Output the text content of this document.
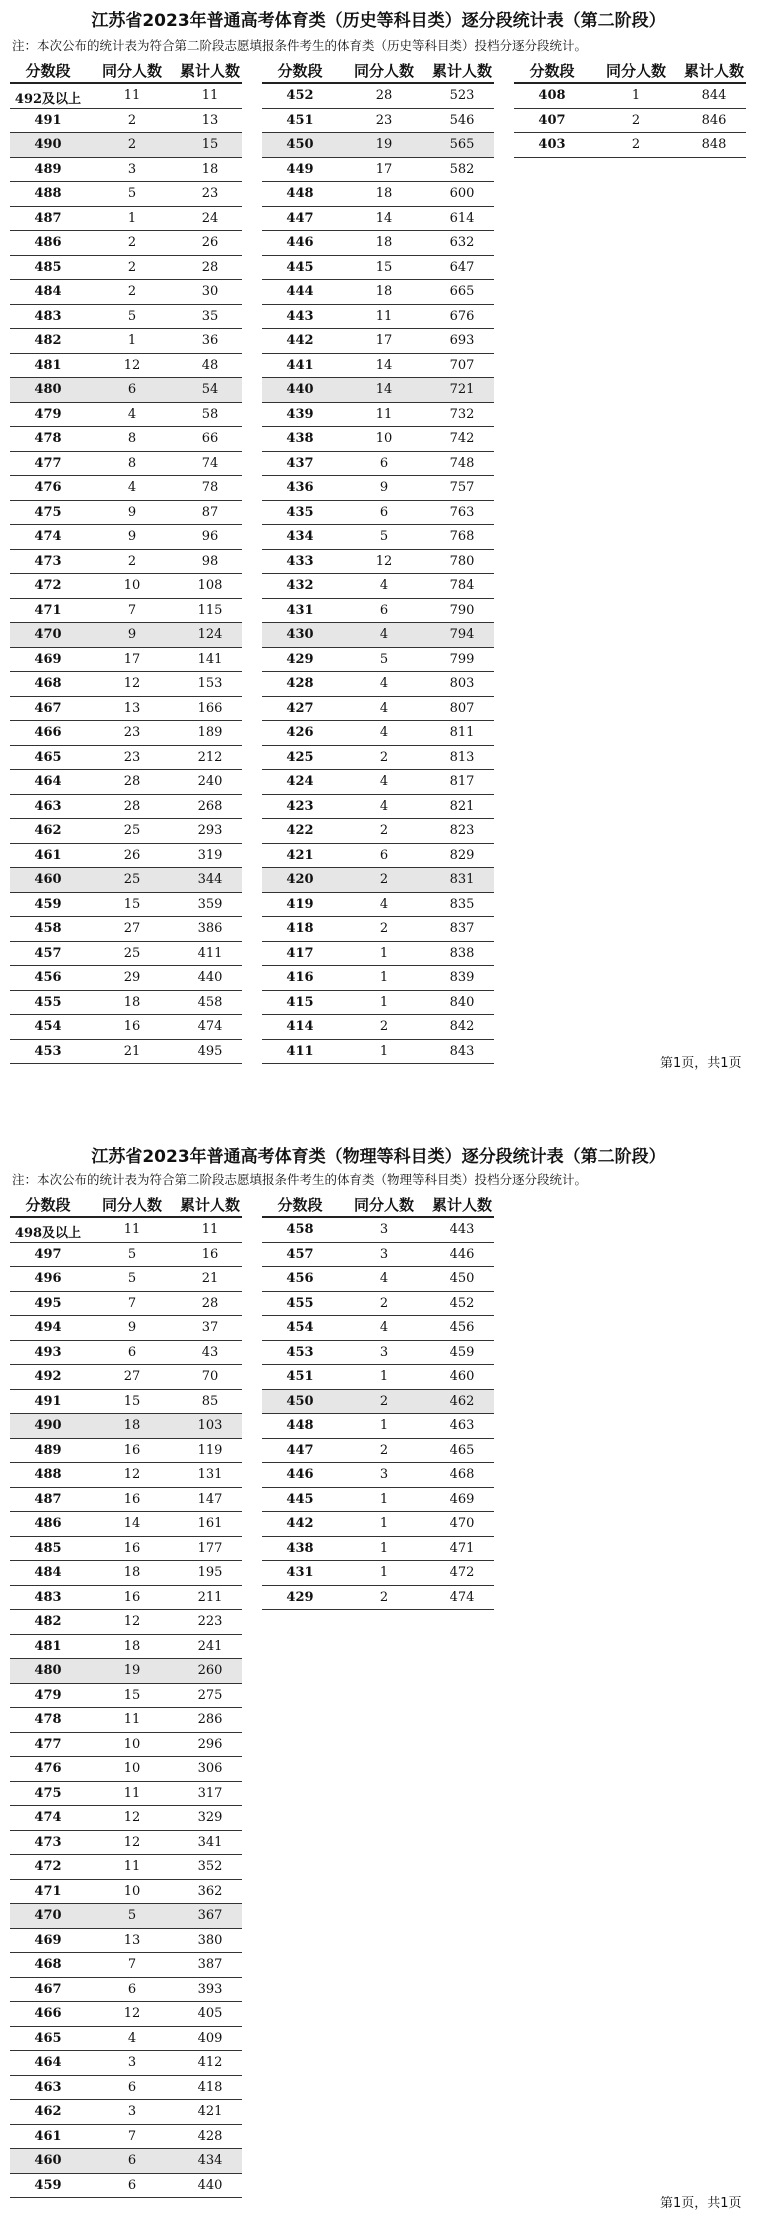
江苏省2023年普通高考体育类（历史等科目类）逐分段统计表（第二阶段）
注：本次公布的统计表为符合第二阶段志愿填报条件考生的体育类（历史等科目类）投档分逐分段统计。
分数段	同分人数	累计人数
492及以上	11	11
491	2	13
490	2	15
489	3	18
488	5	23
487	1	24
486	2	26
485	2	28
484	2	30
483	5	35
482	1	36
481	12	48
480	6	54
479	4	58
478	8	66
477	8	74
476	4	78
475	9	87
474	9	96
473	2	98
472	10	108
471	7	115
470	9	124
469	17	141
468	12	153
467	13	166
466	23	189
465	23	212
464	28	240
463	28	268
462	25	293
461	26	319
460	25	344
459	15	359
458	27	386
457	25	411
456	29	440
455	18	458
454	16	474
453	21	495
分数段	同分人数	累计人数
452	28	523
451	23	546
450	19	565
449	17	582
448	18	600
447	14	614
446	18	632
445	15	647
444	18	665
443	11	676
442	17	693
441	14	707
440	14	721
439	11	732
438	10	742
437	6	748
436	9	757
435	6	763
434	5	768
433	12	780
432	4	784
431	6	790
430	4	794
429	5	799
428	4	803
427	4	807
426	4	811
425	2	813
424	4	817
423	4	821
422	2	823
421	6	829
420	2	831
419	4	835
418	2	837
417	1	838
416	1	839
415	1	840
414	2	842
411	1	843
分数段	同分人数	累计人数
408	1	844
407	2	846
403	2	848
第1页，共1页
江苏省2023年普通高考体育类（物理等科目类）逐分段统计表（第二阶段）
注：本次公布的统计表为符合第二阶段志愿填报条件考生的体育类（物理等科目类）投档分逐分段统计。
分数段	同分人数	累计人数
498及以上	11	11
497	5	16
496	5	21
495	7	28
494	9	37
493	6	43
492	27	70
491	15	85
490	18	103
489	16	119
488	12	131
487	16	147
486	14	161
485	16	177
484	18	195
483	16	211
482	12	223
481	18	241
480	19	260
479	15	275
478	11	286
477	10	296
476	10	306
475	11	317
474	12	329
473	12	341
472	11	352
471	10	362
470	5	367
469	13	380
468	7	387
467	6	393
466	12	405
465	4	409
464	3	412
463	6	418
462	3	421
461	7	428
460	6	434
459	6	440
分数段	同分人数	累计人数
458	3	443
457	3	446
456	4	450
455	2	452
454	4	456
453	3	459
451	1	460
450	2	462
448	1	463
447	2	465
446	3	468
445	1	469
442	1	470
438	1	471
431	1	472
429	2	474
第1页，共1页
